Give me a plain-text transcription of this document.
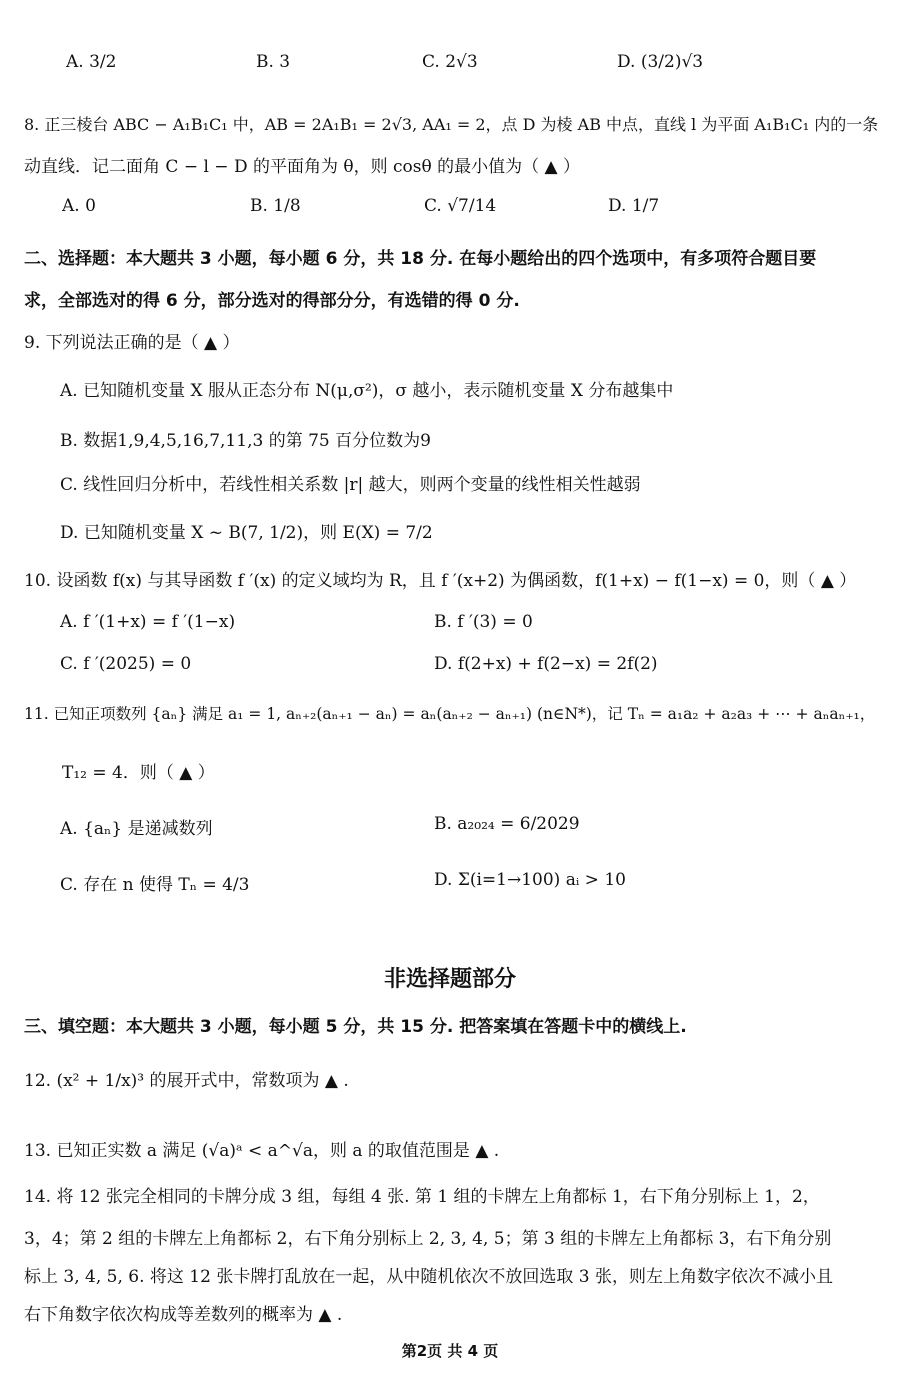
A. 3/2	B. 3	C. 2√3	D. (3/2)√3
8. 正三棱台 ABC − A₁B₁C₁ 中，AB = 2A₁B₁ = 2√3, AA₁ = 2，点 D 为棱 AB 中点，直线 l 为平面 A₁B₁C₁ 内的一条
动直线．记二面角 C − l − D 的平面角为 θ，则 cosθ 的最小值为（ ▲ ）
A. 0	B. 1/8	C. √7/14	D. 1/7
二、选择题：本大题共 3 小题，每小题 6 分，共 18 分. 在每小题给出的四个选项中，有多项符合题目要
求，全部选对的得 6 分，部分选对的得部分分，有选错的得 0 分.
9. 下列说法正确的是（ ▲ ）
A. 已知随机变量 X 服从正态分布 N(μ,σ²)，σ 越小，表示随机变量 X 分布越集中
B. 数据1,9,4,5,16,7,11,3 的第 75 百分位数为9
C. 线性回归分析中，若线性相关系数 |r| 越大，则两个变量的线性相关性越弱
D. 已知随机变量 X ~ B(7, 1/2)，则 E(X) = 7/2
10. 设函数 f(x) 与其导函数 f ′(x) 的定义域均为 R，且 f ′(x+2) 为偶函数，f(1+x) − f(1−x) = 0，则（ ▲ ）
A. f ′(1+x) = f ′(1−x)	B. f ′(3) = 0
C. f ′(2025) = 0	D. f(2+x) + f(2−x) = 2f(2)
11. 已知正项数列 {aₙ} 满足 a₁ = 1, aₙ₊₂(aₙ₊₁ − aₙ) = aₙ(aₙ₊₂ − aₙ₊₁) (n∈N*)，记 Tₙ = a₁a₂ + a₂a₃ + ⋯ + aₙaₙ₊₁，
T₁₂ = 4．则（ ▲ ）
A. {aₙ} 是递减数列	B. a₂₀₂₄ = 6/2029
C. 存在 n 使得 Tₙ = 4/3	D. Σ(i=1→100) aᵢ > 10
非选择题部分
三、填空题：本大题共 3 小题，每小题 5 分，共 15 分. 把答案填在答题卡中的横线上.
12. (x² + 1/x)³ 的展开式中，常数项为 ▲ .
13. 已知正实数 a 满足 (√a)ᵃ < a^√a，则 a 的取值范围是 ▲ .
14. 将 12 张完全相同的卡牌分成 3 组，每组 4 张. 第 1 组的卡牌左上角都标 1，右下角分别标上 1，2，
3，4；第 2 组的卡牌左上角都标 2，右下角分别标上 2, 3, 4, 5；第 3 组的卡牌左上角都标 3，右下角分别
标上 3, 4, 5, 6. 将这 12 张卡牌打乱放在一起，从中随机依次不放回选取 3 张，则左上角数字依次不减小且
右下角数字依次构成等差数列的概率为 ▲ .
第2页 共 4 页
